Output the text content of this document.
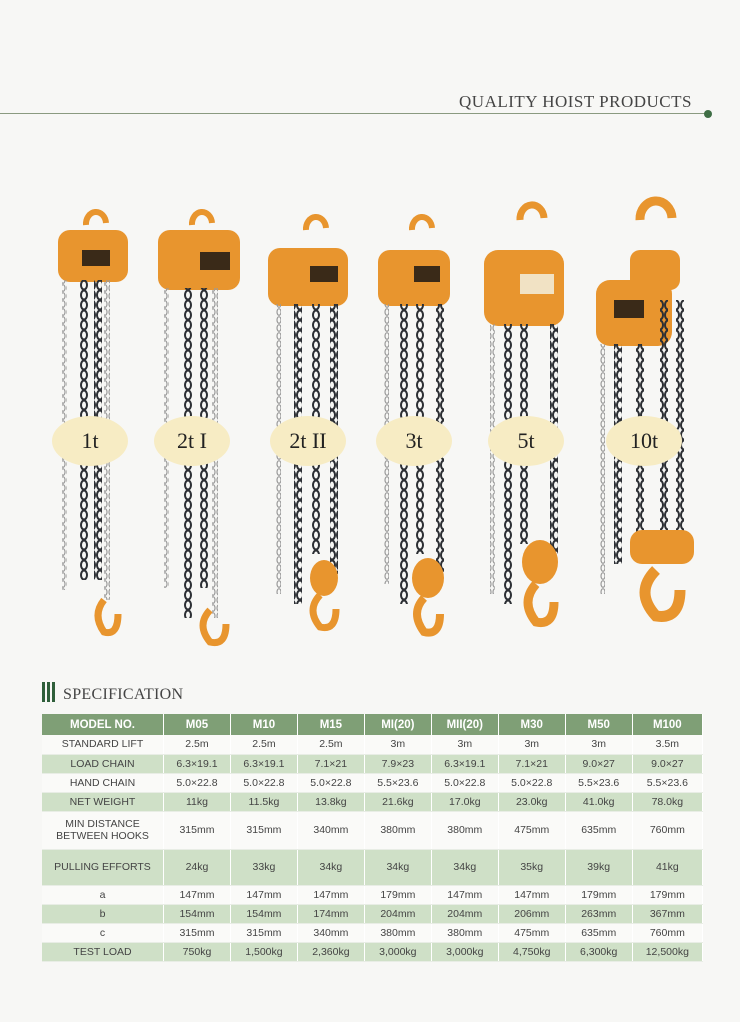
QUALITY HOIST PRODUCTS
1t	2t I	2t II	3t	5t	10t
SPECIFICATION
MODEL NO.	M05	M10	M15	MI(20)	MII(20)	M30	M50	M100
STANDARD LIFT	2.5m	2.5m	2.5m	3m	3m	3m	3m	3.5m
LOAD CHAIN	6.3×19.1	6.3×19.1	7.1×21	7.9×23	6.3×19.1	7.1×21	9.0×27	9.0×27
HAND CHAIN	5.0×22.8	5.0×22.8	5.0×22.8	5.5×23.6	5.0×22.8	5.0×22.8	5.5×23.6	5.5×23.6
NET WEIGHT	11kg	11.5kg	13.8kg	21.6kg	17.0kg	23.0kg	41.0kg	78.0kg
MIN DISTANCE BETWEEN HOOKS	315mm	315mm	340mm	380mm	380mm	475mm	635mm	760mm
PULLING EFFORTS	24kg	33kg	34kg	34kg	34kg	35kg	39kg	41kg
a	147mm	147mm	147mm	179mm	147mm	147mm	179mm	179mm
b	154mm	154mm	174mm	204mm	204mm	206mm	263mm	367mm
c	315mm	315mm	340mm	380mm	380mm	475mm	635mm	760mm
TEST LOAD	750kg	1,500kg	2,360kg	3,000kg	3,000kg	4,750kg	6,300kg	12,500kg
